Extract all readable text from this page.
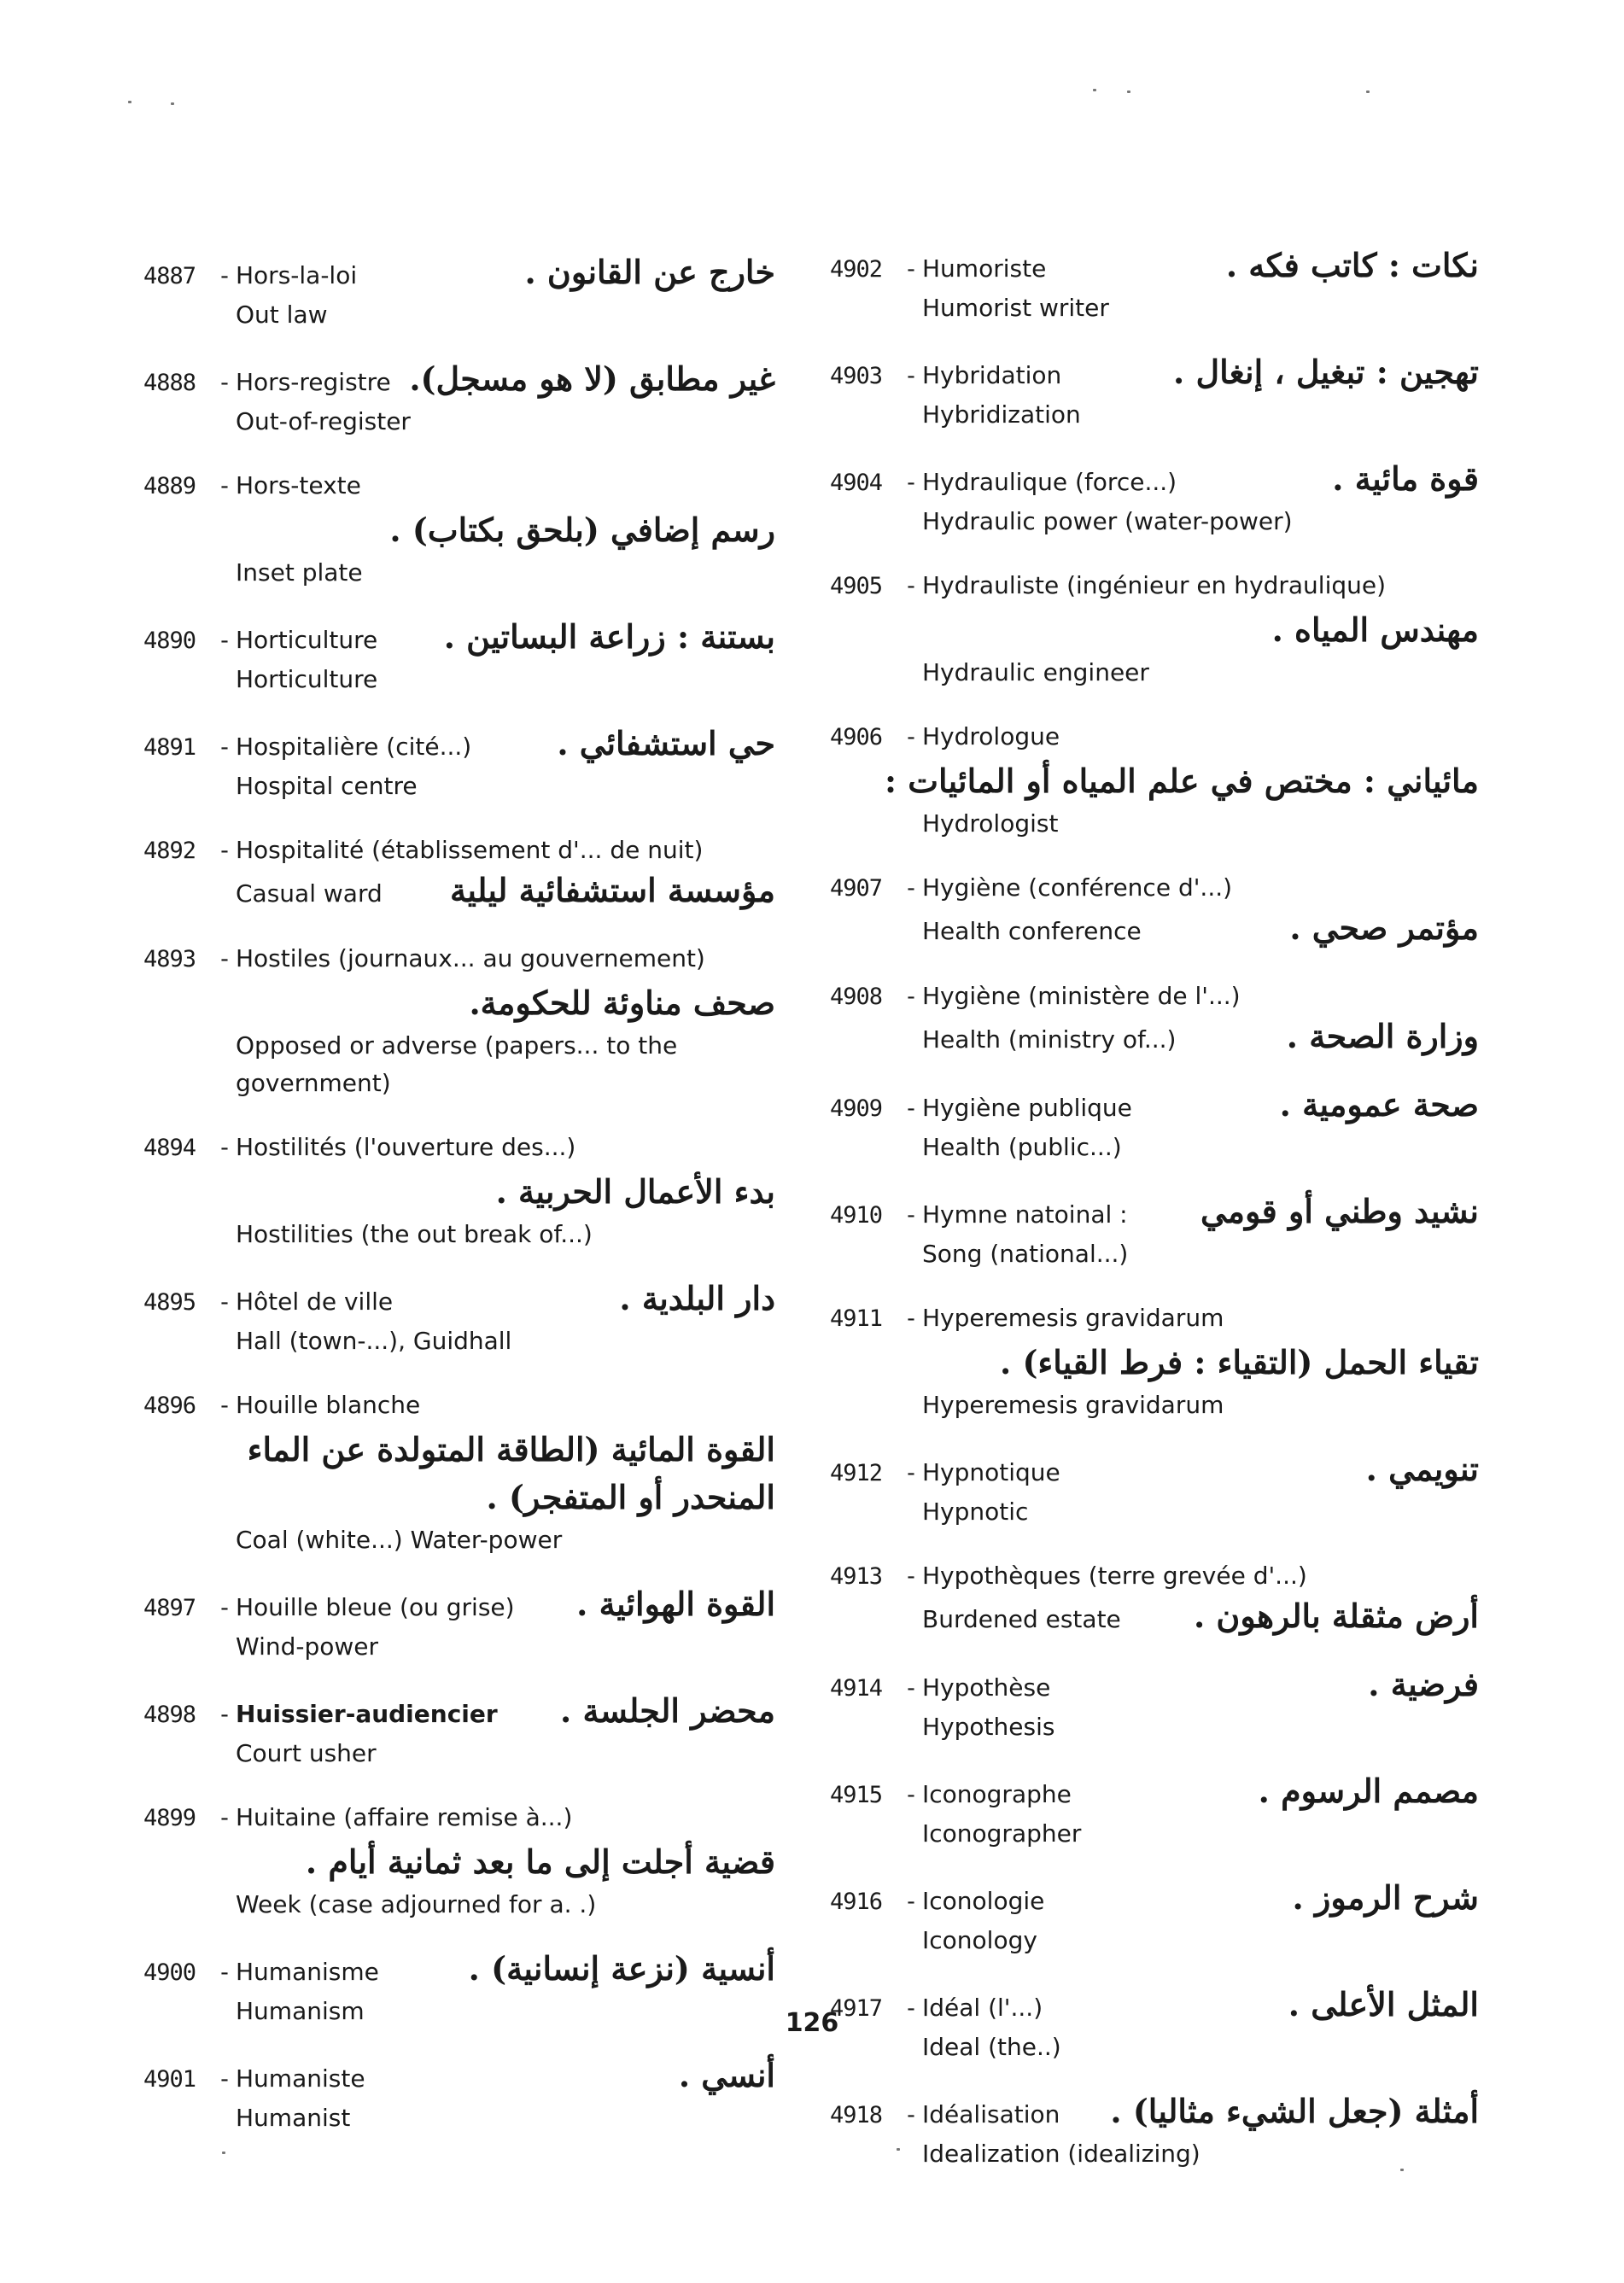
4887	- Hors-la-loi	خارج عن القانون .
Out law
4888	- Hors-registre غير مطابق (لا هو مسجل).
Out-of-register
4889	- Hors-texte
رسم إضافي (بلحق بكتاب) .
Inset plate
4890	- Horticulture بستنة : زراعة البساتين .
Horticulture
4891	- Hospitalière (cité...)	حي استشفائي .
Hospital centre
4892	- Hospitalité (établissement d'... de nuit)
Casual ward مؤسسة استشفائية ليلية
4893	- Hostiles (journaux... au gouvernement)
صحف مناوئة للحكومة.
Opposed or adverse (papers... to the government)
4894	- Hostilités (l'ouverture des...)
بدء الأعمال الحربية .
Hostilities (the out break of...)
4895	- Hôtel de ville	دار البلدية .
Hall (town-...), Guidhall
4896	- Houille blanche
القوة المائية (الطاقة المتولدة عن الماء
المنحدر أو المتفجر) .
Coal (white...) Water-power
4897	- Houille bleue (ou grise) القوة الهوائية .
Wind-power
4898	- Huissier-audiencier محضر الجلسة .
Court usher
4899	- Huitaine (affaire remise à...)
قضية أجلت إلى ما بعد ثمانية أيام .
Week (case adjourned for a. .)
4900	- Humanisme	أنسية (نزعة إنسانية) .
Humanism
4901	- Humaniste	أنسي .
Humanist
4902	- Humoriste	نكات : كاتب فكه .
Humorist writer
4903	- Hybridation	تهجين : تبغيل ، إنغال .
Hybridization
4904	- Hydraulique (force...)	قوة مائية .
Hydraulic power (water-power)
4905	- Hydrauliste (ingénieur en hydraulique)
مهندس المياه .
Hydraulic engineer
4906	- Hydrologue
مائياني : مختص في علم المياه أو المائيات :
Hydrologist
4907	- Hygiène (conférence d'...)
Health conference	مؤتمر صحي .
4908	- Hygiène (ministère de l'...)
Health (ministry of...)	وزارة الصحة .
4909	- Hygiène publique	صحة عمومية .
Health (public...)
4910	- Hymne natoinal : نشيد وطني أو قومي
Song (national...)
4911	- Hyperemesis gravidarum
تقياء الحمل (التقياء : فرط القياء) .
Hyperemesis gravidarum
4912	- Hypnotique	تنويمي .
Hypnotic
4913	- Hypothèques (terre grevée d'...)
Burdened estate أرض مثقلة بالرهون .
4914	- Hypothèse	فرضية .
Hypothesis
4915	- Iconographe	مصمم الرسوم .
Iconographer
4916	- Iconologie	شرح الرموز .
Iconology
4917	- Idéal (l'...)	المثل الأعلى .
Ideal (the..)
4918	- Idéalisation أمثلة (جعل الشيء مثاليا) .
Idealization (idealizing)
126
